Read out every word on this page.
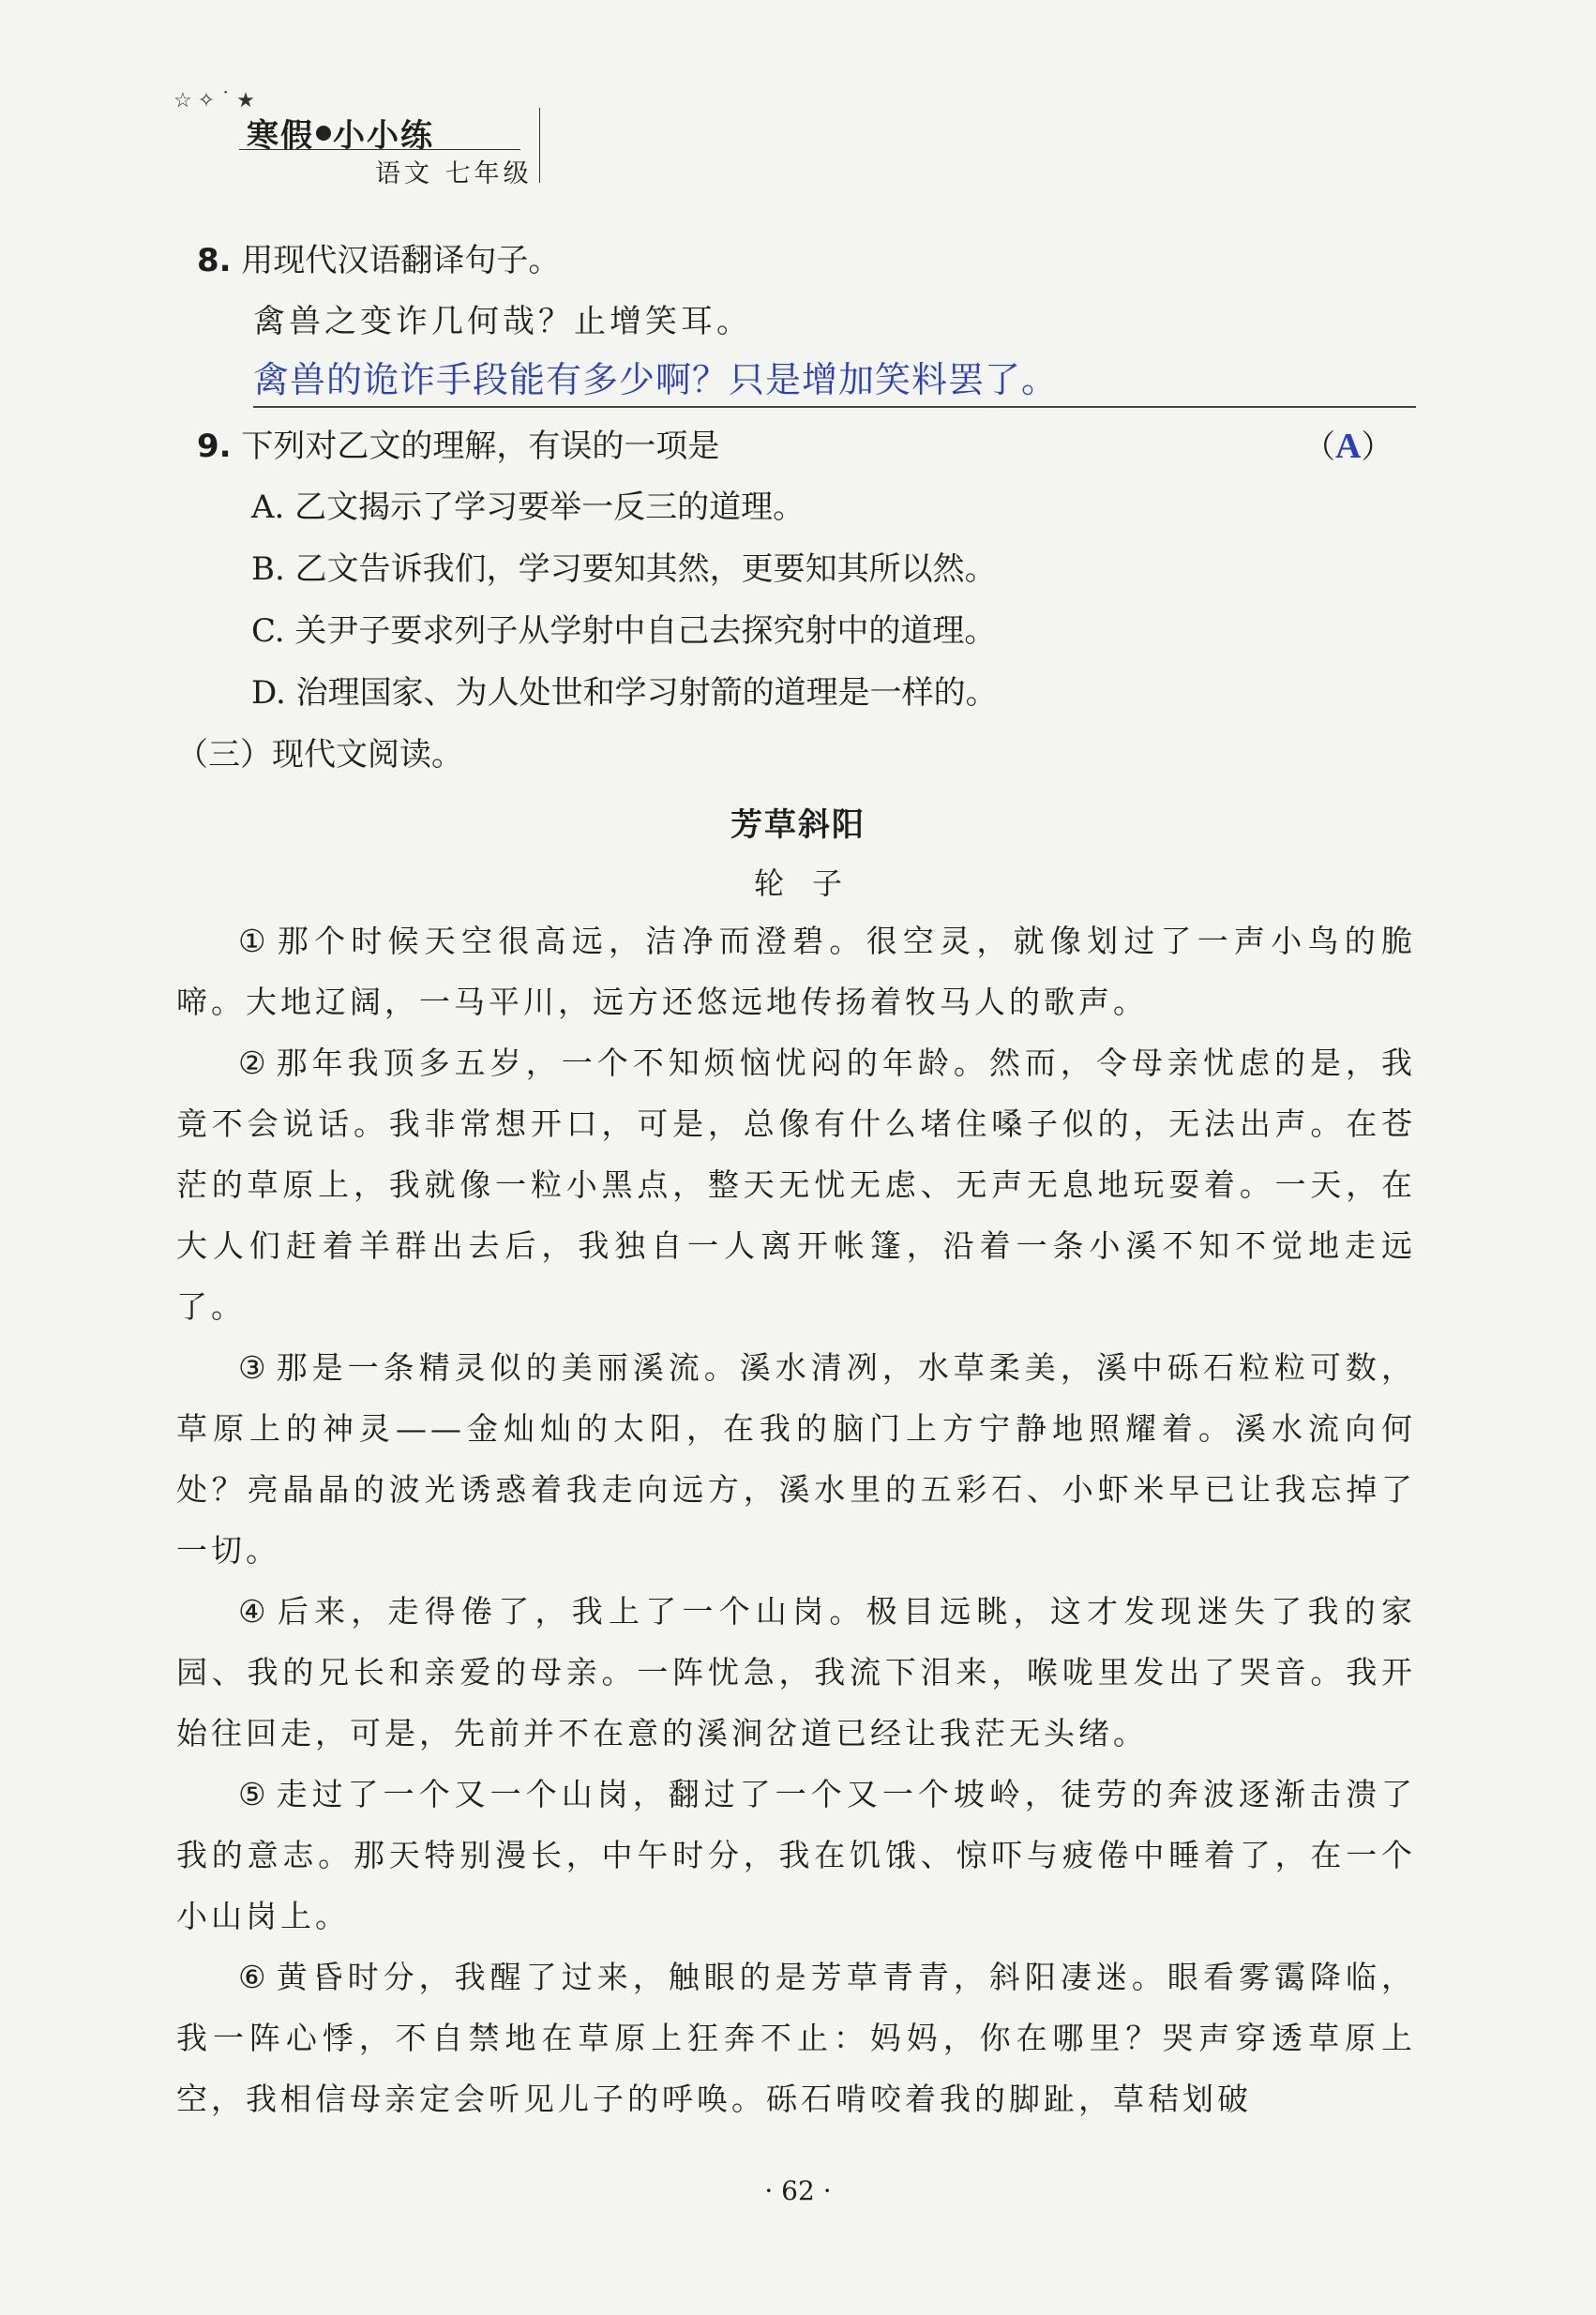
☆✧˙★
寒假 小小练
语文 七年级
8. 用现代汉语翻译句子。
禽兽之变诈几何哉？止增笑耳。
禽兽的诡诈手段能有多少啊？只是增加笑料罢了。
9. 下列对乙文的理解，有误的一项是	（A）
A. 乙文揭示了学习要举一反三的道理。
B. 乙文告诉我们，学习要知其然，更要知其所以然。
C. 关尹子要求列子从学射中自己去探究射中的道理。
D. 治理国家、为人处世和学习射箭的道理是一样的。
（三）现代文阅读。
芳草斜阳
轮子
①那个时候天空很高远，洁净而澄碧。很空灵，就像划过了一声小鸟的脆啼。大地辽阔，一马平川，远方还悠远地传扬着牧马人的歌声。
②那年我顶多五岁，一个不知烦恼忧闷的年龄。然而，令母亲忧虑的是，我竟不会说话。我非常想开口，可是，总像有什么堵住嗓子似的，无法出声。在苍茫的草原上，我就像一粒小黑点，整天无忧无虑、无声无息地玩耍着。一天，在大人们赶着羊群出去后，我独自一人离开帐篷，沿着一条小溪不知不觉地走远了。
③那是一条精灵似的美丽溪流。溪水清冽，水草柔美，溪中砾石粒粒可数，草原上的神灵——金灿灿的太阳，在我的脑门上方宁静地照耀着。溪水流向何处？亮晶晶的波光诱惑着我走向远方，溪水里的五彩石、小虾米早已让我忘掉了一切。
④后来，走得倦了，我上了一个山岗。极目远眺，这才发现迷失了我的家园、我的兄长和亲爱的母亲。一阵忧急，我流下泪来，喉咙里发出了哭音。我开始往回走，可是，先前并不在意的溪涧岔道已经让我茫无头绪。
⑤走过了一个又一个山岗，翻过了一个又一个坡岭，徒劳的奔波逐渐击溃了我的意志。那天特别漫长，中午时分，我在饥饿、惊吓与疲倦中睡着了，在一个小山岗上。
⑥黄昏时分，我醒了过来，触眼的是芳草青青，斜阳凄迷。眼看雾霭降临，我一阵心悸，不自禁地在草原上狂奔不止：妈妈，你在哪里？哭声穿透草原上空，我相信母亲定会听见儿子的呼唤。砾石啃咬着我的脚趾，草秸划破
· 62 ·
